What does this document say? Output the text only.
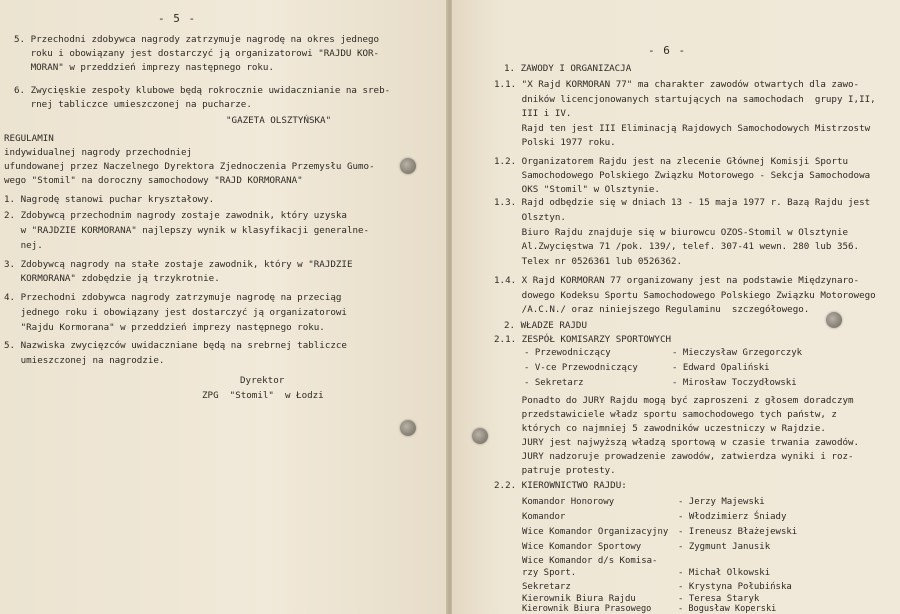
- 5 -
5. Przechodni zdobywca nagrody zatrzymuje nagrodę na okres jednego
roku i obowiązany jest dostarczyć ją organizatorowi "RAJDU KOR-
MORAN" w przeddzień imprezy następnego roku.
6. Zwycięskie zespoły klubowe będą rokrocznie uwidacznianie na sreb-
rnej tabliczce umieszczonej na pucharze.
"GAZETA OLSZTYŃSKA"
REGULAMIN
indywidualnej nagrody przechodniej
ufundowanej przez Naczelnego Dyrektora Zjednoczenia Przemysłu Gumo-
wego "Stomil" na doroczny samochodowy "RAJD KORMORANA"
1. Nagrodę stanowi puchar kryształowy.
2. Zdobywcą przechodnim nagrody zostaje zawodnik, który uzyska
w "RAJDZIE KORMORANA" najlepszy wynik w klasyfikacji generalne-
nej.
3. Zdobywcą nagrody na stałe zostaje zawodnik, który w "RAJDZIE
KORMORANA" zdobędzie ją trzykrotnie.
4. Przechodni zdobywca nagrody zatrzymuje nagrodę na przeciąg
jednego roku i obowiązany jest dostarczyć ją organizatorowi
"Rajdu Kormorana" w przeddzień imprezy następnego roku.
5. Nazwiska zwycięzców uwidaczniane będą na srebrnej tabliczce
umieszczonej na nagrodzie.
Dyrektor
ZPG  "Stomil"  w Łodzi
- 6 -
1. ZAWODY I ORGANIZACJA
1.1. "X Rajd KORMORAN 77" ma charakter zawodów otwartych dla zawo-
dników licencjonowanych startujących na samochodach  grupy I,II,
III i IV.
Rajd ten jest III Eliminacją Rajdowych Samochodowych Mistrzostw
Polski 1977 roku.
1.2. Organizatorem Rajdu jest na zlecenie Głównej Komisji Sportu
Samochodowego Polskiego Związku Motorowego - Sekcja Samochodowa
OKS "Stomil" w Olsztynie.
1.3. Rajd odbędzie się w dniach 13 - 15 maja 1977 r. Bazą Rajdu jest
Olsztyn.
Biuro Rajdu znajduje się w biurowcu OZOS-Stomil w Olsztynie
Al.Zwycięstwa 71 /pok. 139/, telef. 307-41 wewn. 280 lub 356.
Telex nr 0526361 lub 0526362.
1.4. X Rajd KORMORAN 77 organizowany jest na podstawie Międzynaro-
dowego Kodeksu Sportu Samochodowego Polskiego Związku Motorowego
/A.C.N./ oraz niniejszego Regulaminu  szczegółowego.
2. WŁADZE RAJDU
2.1. ZESPÓŁ KOMISARZY SPORTOWYCH
- Przewodniczący	- Mieczysław Grzegorczyk
- V-ce Przewodniczący	- Edward Opaliński
- Sekretarz	- Mirosław Toczydłowski
Ponadto do JURY Rajdu mogą być zaproszeni z głosem doradczym
przedstawiciele władz sportu samochodowego tych państw, z
których co najmniej 5 zawodników uczestniczy w Rajdzie.
JURY jest najwyższą władzą sportową w czasie trwania zawodów.
JURY nadzoruje prowadzenie zawodów, zatwierdza wyniki i roz-
patruje protesty.
2.2. KIEROWNICTWO RAJDU:
Komandor Honorowy	- Jerzy Majewski
Komandor	- Włodzimierz Śniady
Wice Komandor Organizacyjny - Ireneusz Błażejewski
Wice Komandor Sportowy	- Zygmunt Janusik
Wice Komandor d/s Komisa-
rzy Sport.	- Michał Olkowski
Sekretarz	- Krystyna Połubińska
Kierownik Biura Rajdu	- Teresa Staryk
Kierownik Biura Prasowego	- Bogusław Koperski
